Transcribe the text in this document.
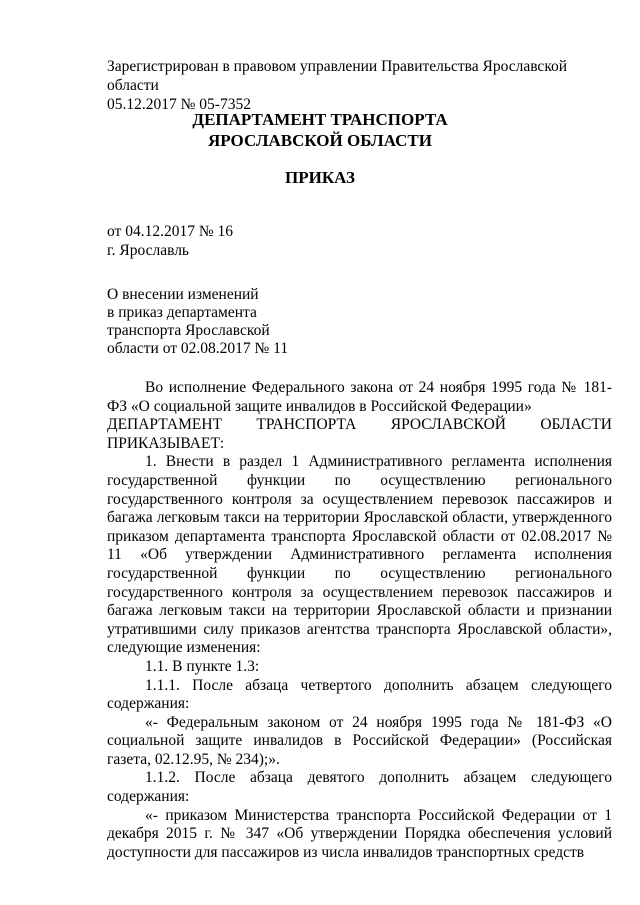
Зарегистрирован в правовом управлении Правительства Ярославской области
05.12.2017 № 05-7352
ДЕПАРТАМЕНТ ТРАНСПОРТА
ЯРОСЛАВСКОЙ ОБЛАСТИ
ПРИКАЗ
от 04.12.2017 № 16
г. Ярославль
О внесении изменений
в приказ департамента
транспорта Ярославской
области от 02.08.2017 № 11

Во исполнение Федерального закона от 24 ноября 1995 года № 181-ФЗ «О социальной защите инвалидов в Российской Федерации»

ДЕПАРТАМЕНТ ТРАНСПОРТА ЯРОСЛАВСКОЙ ОБЛАСТИ

ПРИКАЗЫВАЕТ:

1. Внести в раздел 1 Административного регламента исполнения государственной функции по осуществлению регионального государственного контроля за осуществлением перевозок пассажиров и багажа легковым такси на территории Ярославской области, утвержденного приказом департамента транспорта Ярославской области от 02.08.2017 № 11 «Об утверждении Административного регламента исполнения государственной функции по осуществлению регионального государственного контроля за осуществлением перевозок пассажиров и багажа легковым такси на территории Ярославской области и признании утратившими силу приказов агентства транспорта Ярославской области», следующие изменения:

1.1. В пункте 1.3:

1.1.1. После абзаца четвертого дополнить абзацем следующего содержания:

«- Федеральным законом от 24 ноября 1995 года № 181-ФЗ «О социальной защите инвалидов в Российской Федерации» (Российская газета, 02.12.95, № 234);».

1.1.2. После абзаца девятого дополнить абзацем следующего содержания:

«- приказом Министерства транспорта Российской Федерации от 1 декабря 2015 г. № 347 «Об утверждении Порядка обеспечения условий доступности для пассажиров из числа инвалидов транспортных средств
